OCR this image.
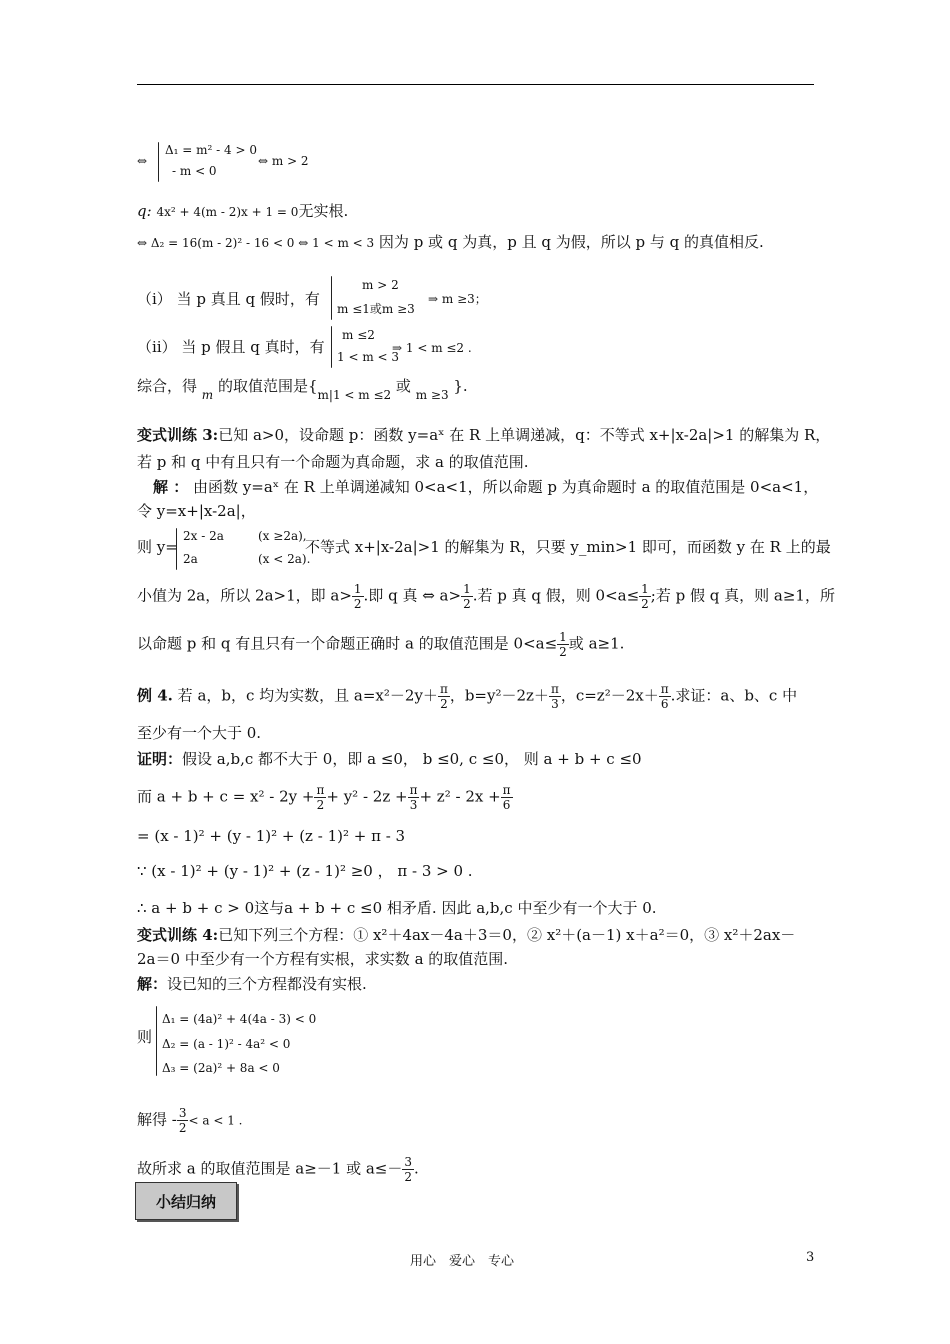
⇔
Δ₁ = m² - 4 > 0
- m < 0
⇔ m > 2
q: 4x² + 4(m - 2)x + 1 = 0无实根.
⇔ Δ₂ = 16(m - 2)² - 16 < 0 ⇔ 1 < m < 3 因为 p 或 q 为真，p 且 q 为假，所以 p 与 q 的真值相反.
（ⅰ） 当 p 真且 q 假时，有
m > 2
m ≤1或m ≥3
⇒ m ≥3；
（ⅱ） 当 p 假且 q 真时，有
m ≤2
1 < m < 3
⇒ 1 < m ≤2 .
综合，得 $_m$ 的取值范围是{$_{m|1 < m \le 2}$ 或 $_{m \ge 3}$ }.
变式训练 3:已知 a>0，设命题 p：函数 y=aˣ 在 R 上单调递减，q：不等式 x+|x-2a|>1 的解集为 R，
若 p 和 q 中有且只有一个命题为真命题，求 a 的取值范围.
解 ： 由函数 y=aˣ 在 R 上单调递减知 0<a<1，所以命题 p 为真命题时 a 的取值范围是 0<a<1，
令 y=x+|x-2a|，
则 y=
2x - 2a	(x ≥2a),
2a	(x < 2a).
不等式 x+|x-2a|>1 的解集为 R，只要 y_min>1 即可，而函数 y 在 R 上的最
小值为 2a，所以 2a>1，即 $a> \frac{1}{2}$ .即 q 真 ⇔ $a> \frac{1}{2}$ .若 p 真 q 假，则 $0<a\le \frac{1}{2}$ ;若 p 假 q 真，则 a≥1，所
以命题 p 和 q 有且只有一个命题正确时 a 的取值范围是 $0<a\le \frac{1}{2}$ 或 a≥1.
例 4. 若 a，b，c 均为实数，且 $a=x^2-2y+ \frac{\pi}{2}$ ，$b=y^2-2z+ \frac{\pi}{3}$ ，$c=z^2-2x+ \frac{\pi}{6}$ .求证：a、b、c 中
至少有一个大于 0.
证明：假设 a,b,c 都不大于 0，即 a ≤0， b ≤0, c ≤0， 则 a + b + c ≤0
而 $a + b + c = x^2 - 2y + \frac{\pi}{2} + y^2 - 2z + \frac{\pi}{3} + z^2 - 2x + \frac{\pi}{6}$
= (x - 1)² + (y - 1)² + (z - 1)² + π - 3
∵ (x - 1)² + (y - 1)² + (z - 1)² ≥0 ， π - 3 > 0 .
∴ a + b + c > 0这与a + b + c ≤0 相矛盾. 因此 a,b,c 中至少有一个大于 0.
变式训练 4:已知下列三个方程：① x²＋4ax－4a＋3＝0，② x²＋(a－1) x＋a²＝0，③ x²＋2ax－
2a＝0 中至少有一个方程有实根，求实数 a 的取值范围.
解：设已知的三个方程都没有实根.
则
Δ₁ = (4a)² + 4(4a - 3) < 0
Δ₂ = (a - 1)² - 4a² < 0
Δ₃ = (2a)² + 8a < 0
解得 - $\frac{3}{2} < a < 1$ .
故所求 a 的取值范围是 a≥－1 或 $a\le- \frac{3}{2}$ .
小结归纳
用心　爱心　专心	3
